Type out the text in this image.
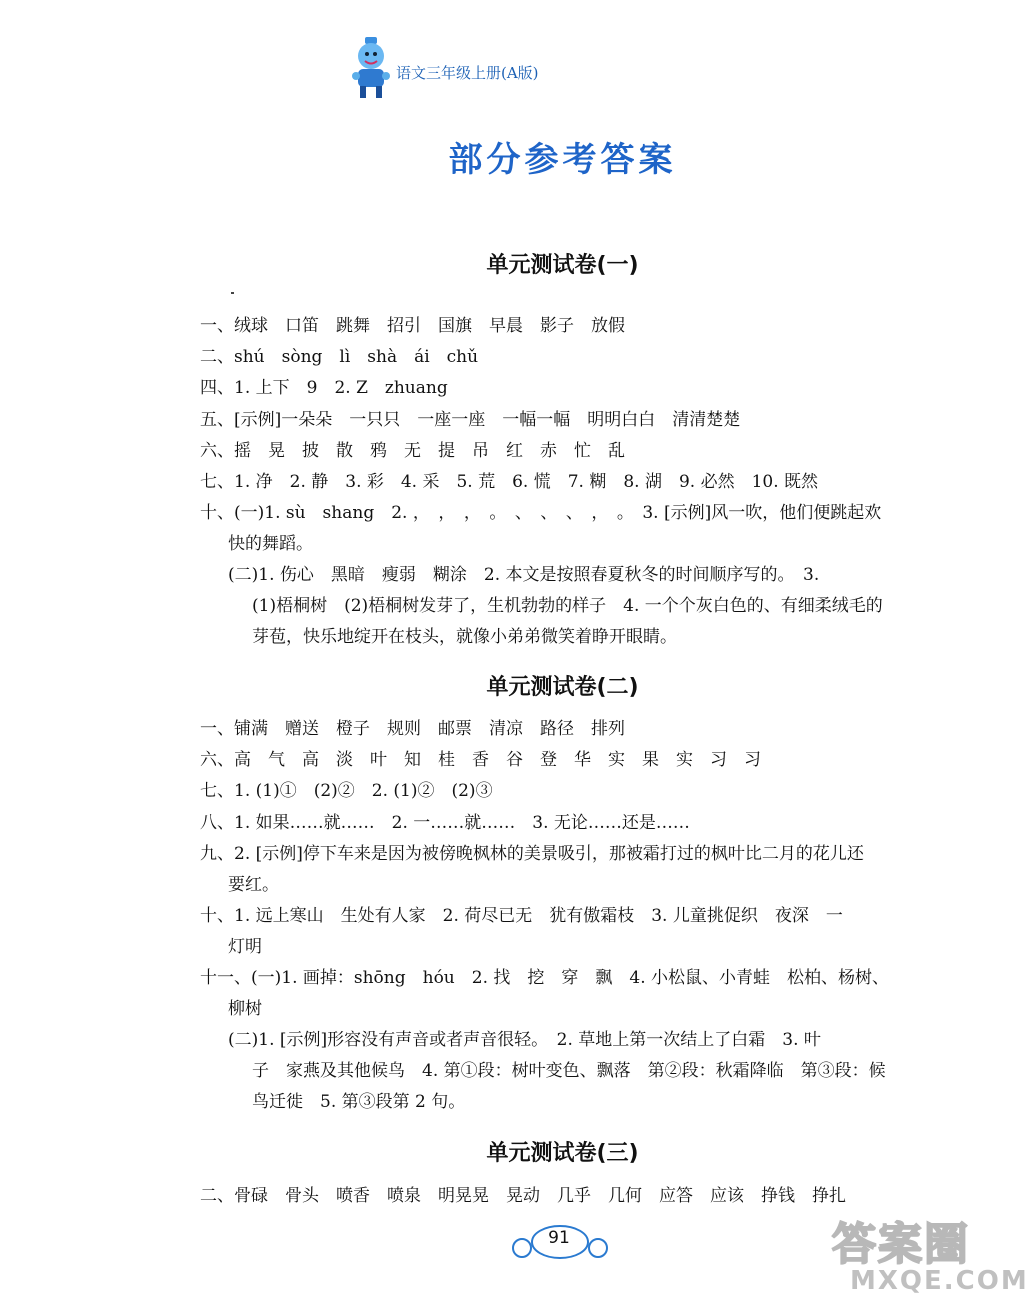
语文三年级上册(A版)
部分参考答案
单元测试卷(一)
一、绒球　口笛　跳舞　招引　国旗　早晨　影子　放假
二、shú　sòng　lì　shà　ái　chǔ
四、1. 上下　9　2. Z　zhuang
五、[示例]一朵朵　一只只　一座一座　一幅一幅　明明白白　清清楚楚
六、摇　晃　披　散　鸦　无　提　吊　红　赤　忙　乱
七、1. 净　2. 静　3. 彩　4. 采　5. 荒　6. 慌　7. 糊　8. 湖　9. 必然　10. 既然
十、(一)1. sù　shang　2. ，　，　，　。　、　、　、　，　。　3. [示例]风一吹，他们便跳起欢
快的舞蹈。
(二)1. 伤心　黑暗　瘦弱　糊涂　2. 本文是按照春夏秋冬的时间顺序写的。　3.
(1)梧桐树　(2)梧桐树发芽了，生机勃勃的样子　4. 一个个灰白色的、有细柔绒毛的
芽苞，快乐地绽开在枝头，就像小弟弟微笑着睁开眼睛。
单元测试卷(二)
一、铺满　赠送　橙子　规则　邮票　清凉　路径　排列
六、高　气　高　淡　叶　知　桂　香　谷　登　华　实　果　实　习　习
七、1. (1)①　(2)②　2. (1)②　(2)③
八、1. 如果……就……　2. 一……就……　3. 无论……还是……
九、2. [示例]停下车来是因为被傍晚枫林的美景吸引，那被霜打过的枫叶比二月的花儿还
要红。
十、1. 远上寒山　生处有人家　2. 荷尽已无　犹有傲霜枝　3. 儿童挑促织　夜深　一
灯明
十一、(一)1. 画掉：shōng　hóu　2. 找　挖　穿　飘　4. 小松鼠、小青蛙　松柏、杨树、
柳树
(二)1. [示例]形容没有声音或者声音很轻。　2. 草地上第一次结上了白霜　3. 叶
子　家燕及其他候鸟　4. 第①段：树叶变色、飘落　第②段：秋霜降临　第③段：候
鸟迁徙　5. 第③段第 2 句。
单元测试卷(三)
二、骨碌　骨头　喷香　喷泉　明晃晃　晃动　几乎　几何　应答　应该　挣钱　挣扎
91	答案圈
MXQE.COM
